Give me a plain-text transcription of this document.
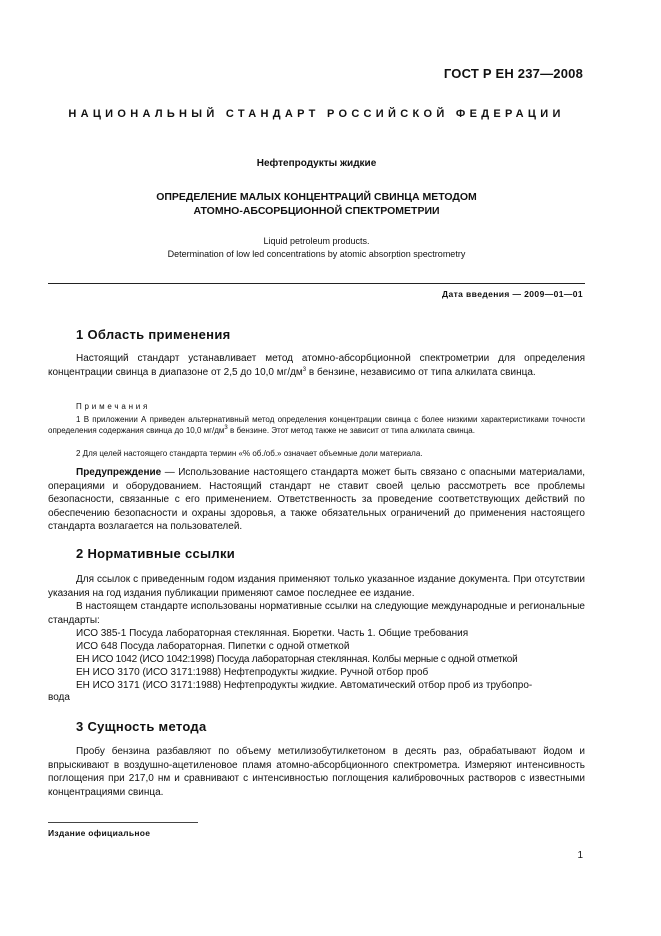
ГОСТ Р ЕН 237—2008
НАЦИОНАЛЬНЫЙ СТАНДАРТ РОССИЙСКОЙ ФЕДЕРАЦИИ
Нефтепродукты жидкие
ОПРЕДЕЛЕНИЕ МАЛЫХ КОНЦЕНТРАЦИЙ СВИНЦА МЕТОДОМ
АТОМНО-АБСОРБЦИОННОЙ СПЕКТРОМЕТРИИ
Liquid petroleum products.
Determination of low led concentrations by atomic absorption spectrometry
Дата введения — 2009—01—01
1 Область применения
Настоящий стандарт устанавливает метод атомно-абсорбционной спектрометрии для определения концентрации свинца в диапазоне от 2,5 до 10,0 $мг/дм^3$ в бензине, независимо от типа алкилата свинца.
Примечания
1 В приложении А приведен альтернативный метод определения концентрации свинца с более низкими характеристиками точности определения содержания свинца до 10,0 $мг/дм^3$ в бензине. Этот метод также не зависит от типа алкилата свинца.
2 Для целей настоящего стандарта термин «% об./об.» означает объемные доли материала.
Предупреждение — Использование настоящего стандарта может быть связано с опасными материалами, операциями и оборудованием. Настоящий стандарт не ставит своей целью рассмотреть все проблемы безопасности, связанные с его применением. Ответственность за проведение соответствующих действий по обеспечению безопасности и охраны здоровья, а также обязательных ограничений до применения настоящего стандарта возлагается на пользователей.
2 Нормативные ссылки
Для ссылок с приведенным годом издания применяют только указанное издание документа. При отсутствии указания на год издания публикации применяют самое последнее ее издание.
В настоящем стандарте использованы нормативные ссылки на следующие международные и региональные стандарты:
ИСО 385-1 Посуда лабораторная стеклянная. Бюретки. Часть 1. Общие требования
ИСО 648 Посуда лабораторная. Пипетки с одной отметкой
ЕН ИСО 1042 (ИСО 1042:1998) Посуда лабораторная стеклянная. Колбы мерные с одной отметкой
ЕН ИСО 3170 (ИСО 3171:1988) Нефтепродукты жидкие. Ручной отбор проб
ЕН ИСО 3171 (ИСО 3171:1988) Нефтепродукты жидкие. Автоматический отбор проб из трубопро-
вода
3 Сущность метода
Пробу бензина разбавляют по объему метилизобутилкетоном в десять раз, обрабатывают йодом и впрыскивают в воздушно-ацетиленовое пламя атомно-абсорбционного спектрометра. Измеряют интенсивность поглощения при 217,0 нм и сравнивают с интенсивностью поглощения калибровочных растворов с известными концентрациями свинца.
Издание официальное
1
